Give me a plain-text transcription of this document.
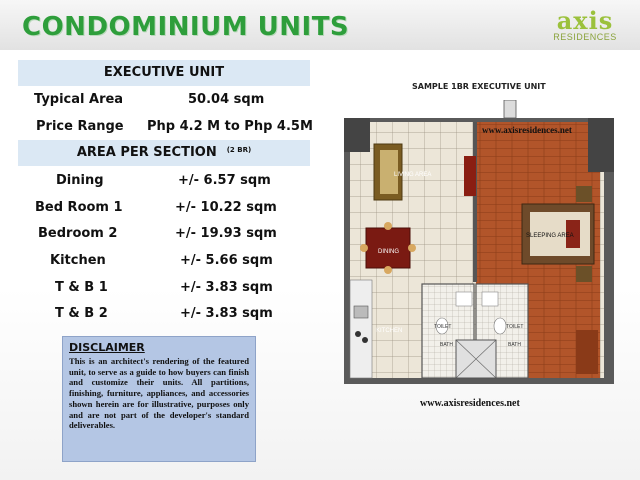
CONDOMINIUM UNITS	axis
RESIDENCES
EXECUTIVE UNIT
Typical Area	50.04 sqm
Price Range Php 4.2 M to Php 4.5M
AREA PER SECTION $^{(2 BR)}$
Dining	+/- 6.57 sqm
Bed Room 1	+/- 10.22 sqm
Bedroom 2	+/- 19.93 sqm
Kitchen	+/- 5.66 sqm
T & B 1	+/- 3.83 sqm
T & B 2	+/- 3.83 sqm
DISCLAIMER
This is an architect's rendering of the featured unit, to serve as a guide to how buyers can finish and customize their units. All partitions, finishing, furniture, appliances, and accessories shown herein are for illustrative, purposes only and are not part of the developer's standard deliverables.
SAMPLE 1BR EXECUTIVE UNIT
www.axisresidences.net
LIVING AREA
DINING
SLEEPING AREA
KITCHEN
TOILET	TOILET
BATH	BATH
www.axisresidences.net
